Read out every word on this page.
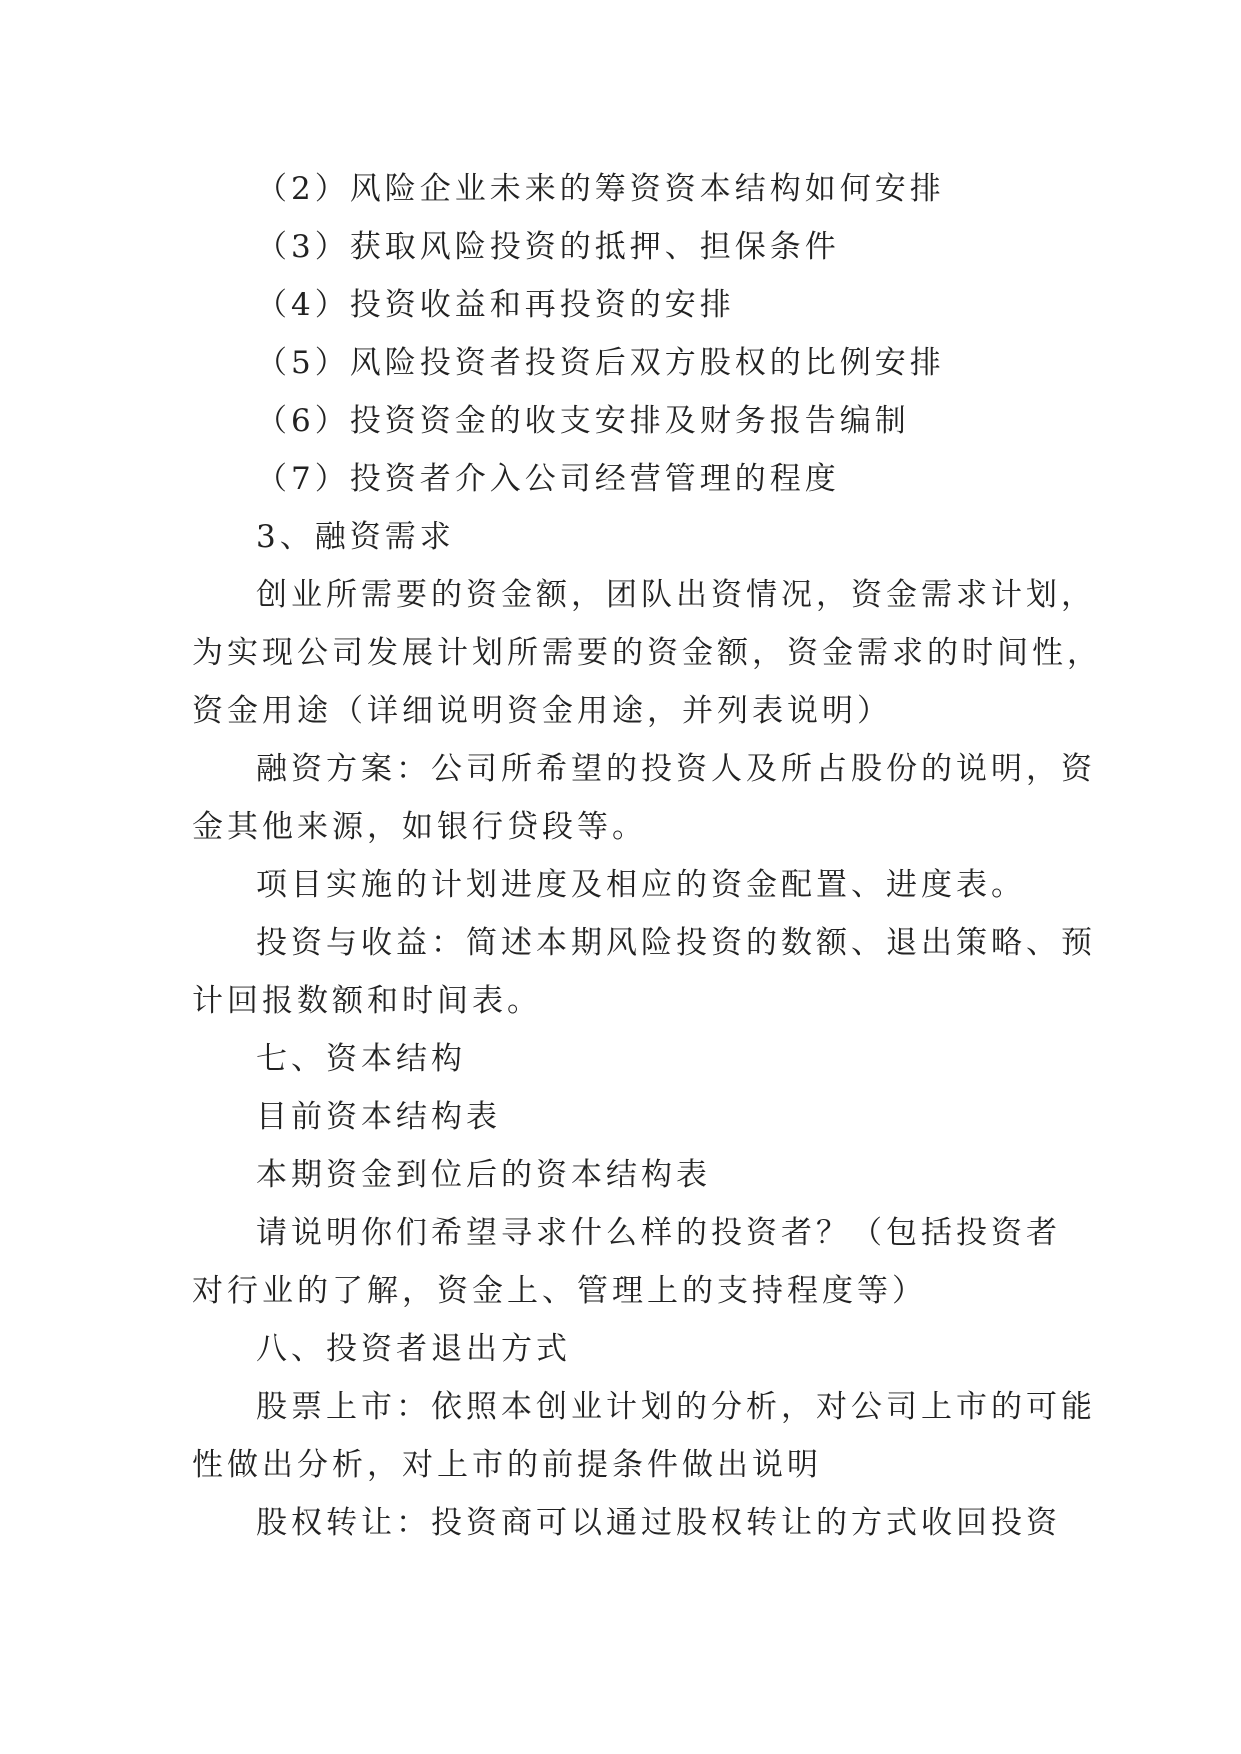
（2）风险企业未来的筹资资本结构如何安排

（3）获取风险投资的抵押、担保条件

（4）投资收益和再投资的安排

（5）风险投资者投资后双方股权的比例安排

（6）投资资金的收支安排及财务报告编制

（7）投资者介入公司经营管理的程度

3、融资需求

创业所需要的资金额，团队出资情况，资金需求计划，

为实现公司发展计划所需要的资金额，资金需求的时间性，

资金用途（详细说明资金用途，并列表说明）

融资方案：公司所希望的投资人及所占股份的说明，资

金其他来源，如银行贷段等。

项目实施的计划进度及相应的资金配置、进度表。

投资与收益：简述本期风险投资的数额、退出策略、预

计回报数额和时间表。

七、资本结构

目前资本结构表

本期资金到位后的资本结构表

请说明你们希望寻求什么样的投资者？（包括投资者

对行业的了解，资金上、管理上的支持程度等）

八、投资者退出方式

股票上市：依照本创业计划的分析，对公司上市的可能

性做出分析，对上市的前提条件做出说明

股权转让：投资商可以通过股权转让的方式收回投资
